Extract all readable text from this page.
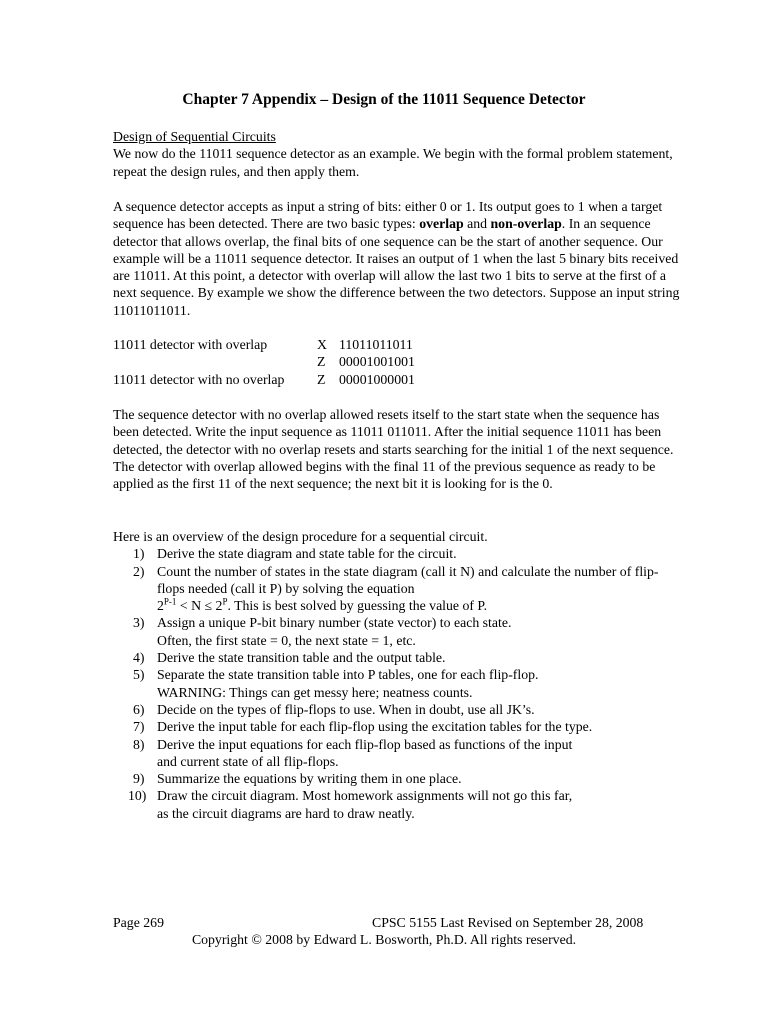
Chapter 7 Appendix – Design of the 11011 Sequence Detector
Design of Sequential Circuits
We now do the 11011 sequence detector as an example. We begin with the formal problem statement, repeat the design rules, and then apply them.
A sequence detector accepts as input a string of bits: either 0 or 1. Its output goes to 1 when a target sequence has been detected. There are two basic types: overlap and non-overlap. In an sequence detector that allows overlap, the final bits of one sequence can be the start of another sequence. Our example will be a 11011 sequence detector. It raises an output of 1 when the last 5 binary bits received are 11011. At this point, a detector with overlap will allow the last two 1 bits to serve at the first of a next sequence. By example we show the difference between the two detectors. Suppose an input string 11011011011.
11011 detector with overlap	X 11011011011
Z 00001001001
11011 detector with no overlap Z 00001000001
The sequence detector with no overlap allowed resets itself to the start state when the sequence has been detected. Write the input sequence as 11011 011011. After the initial sequence 11011 has been detected, the detector with no overlap resets and starts searching for the initial 1 of the next sequence. The detector with overlap allowed begins with the final 11 of the previous sequence as ready to be applied as the first 11 of the next sequence; the next bit it is looking for is the 0.
Here is an overview of the design procedure for a sequential circuit.
1) Derive the state diagram and state table for the circuit.
2) Count the number of states in the state diagram (call it N) and calculate the number of flip-flops needed (call it P) by solving the equation
$2^{P-1} < N \le 2^P$. This is best solved by guessing the value of P.
3) Assign a unique P-bit binary number (state vector) to each state.
Often, the first state = 0, the next state = 1, etc.
4) Derive the state transition table and the output table.
5) Separate the state transition table into P tables, one for each flip-flop.
WARNING: Things can get messy here; neatness counts.
6) Decide on the types of flip-flops to use. When in doubt, use all JK’s.
7) Derive the input table for each flip-flop using the excitation tables for the type.
8) Derive the input equations for each flip-flop based as functions of the input
and current state of all flip-flops.
9) Summarize the equations by writing them in one place.
10) Draw the circuit diagram. Most homework assignments will not go this far,
as the circuit diagrams are hard to draw neatly.
Page 269	CPSC 5155 Last Revised on September 28, 2008
Copyright © 2008 by Edward L. Bosworth, Ph.D. All rights reserved.
